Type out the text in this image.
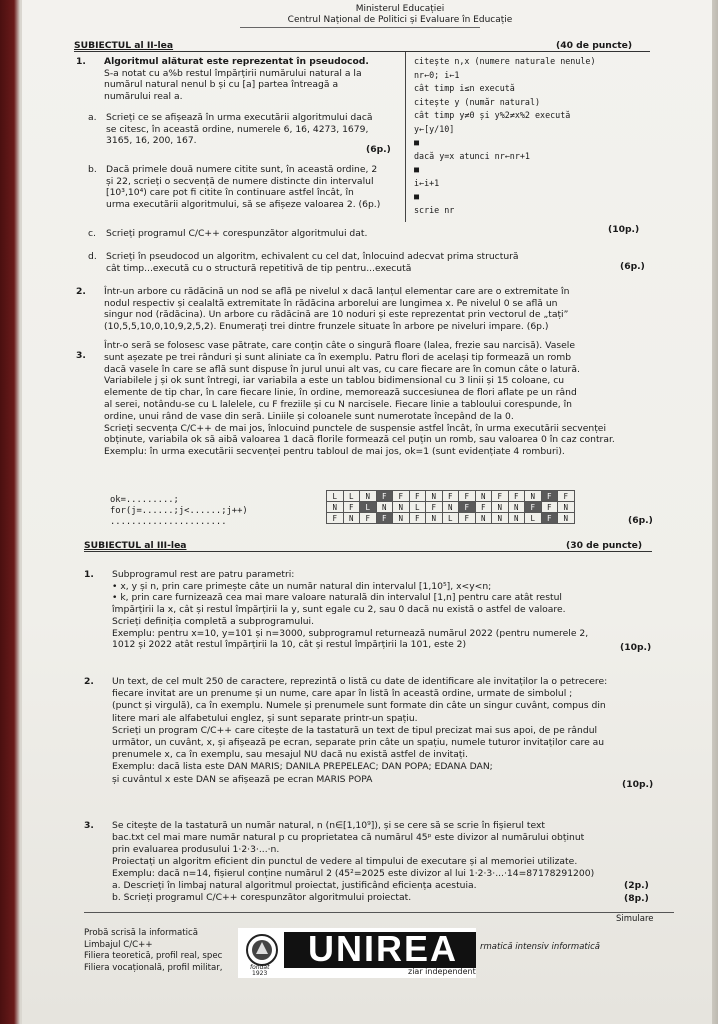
Ministerul Educației
Centrul Național de Politici și Evaluare în Educație
SUBIECTUL al II-lea	(40 de puncte)
1. Algoritmul alăturat este reprezentat în pseudocod.
S-a notat cu a%b restul împărțirii numărului natural a la
numărul natural nenul b și cu [a] partea întreagă a
numărului real a.
a. Scrieți ce se afișează în urma executării algoritmului dacă
se citesc, în această ordine, numerele 6, 16, 4273, 1679,
3165, 16, 200, 167.
(6p.)
b. Dacă primele două numere citite sunt, în această ordine, 2
și 22, scrieți o secvență de numere distincte din intervalul
[10³,10⁴) care pot fi citite în continuare astfel încât, în
urma executării algoritmului, să se afișeze valoarea 2. (6p.)
citește n,x (numere naturale nenule)
nr←0; i←1
cât timp i≤n execută
citește y (număr natural)
cât timp y≠0 și y%2≠x%2 execută
y←[y/10]
■
dacă y=x atunci nr←nr+1
■
i←i+1
■
scrie nr
c. Scrieți programul C/C++ corespunzător algoritmului dat.	(10p.)
d. Scrieți în pseudocod un algoritm, echivalent cu cel dat, înlocuind adecvat prima structură
cât timp...execută cu o structură repetitivă de tip pentru...execută	(6p.)
2. Într-un arbore cu rădăcină un nod se află pe nivelul x dacă lanțul elementar care are o extremitate în
nodul respectiv și cealaltă extremitate în rădăcina arborelui are lungimea x. Pe nivelul 0 se află un
singur nod (rădăcina). Un arbore cu rădăcină are 10 noduri și este reprezentat prin vectorul de „tați”
(10,5,5,10,0,10,9,2,5,2). Enumerați trei dintre frunzele situate în arbore pe niveluri impare. (6p.)
3.
Într-o seră se folosesc vase pătrate, care conțin câte o singură floare (lalea, frezie sau narcisă). Vasele
sunt așezate pe trei rânduri și sunt aliniate ca în exemplu. Patru flori de același tip formează un romb
dacă vasele în care se află sunt dispuse în jurul unui alt vas, cu care fiecare are în comun câte o latură.
Variabilele j și ok sunt întregi, iar variabila a este un tablou bidimensional cu 3 linii și 15 coloane, cu
elemente de tip char, în care fiecare linie, în ordine, memorează succesiunea de flori aflate pe un rând
al serei, notându-se cu L lalelele, cu F freziile și cu N narcisele. Fiecare linie a tabloului corespunde, în
ordine, unui rând de vase din seră. Liniile și coloanele sunt numerotate începând de la 0.
Scrieți secvența C/C++ de mai jos, înlocuind punctele de suspensie astfel încât, în urma executării secvenței
obținute, variabila ok să aibă valoarea 1 dacă florile formează cel puțin un romb, sau valoarea 0 în caz contrar.
Exemplu: în urma executării secvenței pentru tabloul de mai jos, ok=1 (sunt evidențiate 4 romburi).
ok=.........;
for(j=......;j<......;j++)
......................
L	L	N	F	F	F	N	F	F	N	F	F	N	F	F
N	F	L	N	N	L	F	N	F	F	N	N	F	F	N
F	N	F	F	N	F	N	L	F	N	N	N	L	F	N	(6p.)
SUBIECTUL al III-lea	(30 de puncte)
1. Subprogramul rest are patru parametri:
• x, y și n, prin care primește câte un număr natural din intervalul [1,10⁵], x<y<n;
• k, prin care furnizează cea mai mare valoare naturală din intervalul [1,n] pentru care atât restul
împărțirii la x, cât și restul împărțirii la y, sunt egale cu 2, sau 0 dacă nu există o astfel de valoare.
Scrieți definiția completă a subprogramului.
Exemplu: pentru x=10, y=101 și n=3000, subprogramul returnează numărul 2022 (pentru numerele 2,
1012 și 2022 atât restul împărțirii la 10, cât și restul împărțirii la 101, este 2)	(10p.)
2. Un text, de cel mult 250 de caractere, reprezintă o listă cu date de identificare ale invitaților la o petrecere:
fiecare invitat are un prenume și un nume, care apar în listă în această ordine, urmate de simbolul ;
(punct și virgulă), ca în exemplu. Numele și prenumele sunt formate din câte un singur cuvânt, compus din
litere mari ale alfabetului englez, și sunt separate printr-un spațiu.
Scrieți un program C/C++ care citește de la tastatură un text de tipul precizat mai sus apoi, de pe rândul
următor, un cuvânt, x, și afișează pe ecran, separate prin câte un spațiu, numele tuturor invitaților care au
prenumele x, ca în exemplu, sau mesajul NU dacă nu există astfel de invitați.
Exemplu: dacă lista este DAN MARIS; DANILA PREPELEAC; DAN POPA; EDANA DAN;
și cuvântul x este DAN se afișează pe ecran MARIS POPA	(10p.)
3. Se citește de la tastatură un număr natural, n (n∈[1,10⁹]), și se cere să se scrie în fișierul text
bac.txt cel mai mare număr natural p cu proprietatea că numărul 45ᵖ este divizor al numărului obținut
prin evaluarea produsului 1·2·3·...·n.
Proiectați un algoritm eficient din punctul de vedere al timpului de executare și al memoriei utilizate.
Exemplu: dacă n=14, fișierul conține numărul 2 (45²=2025 este divizor al lui 1·2·3·...·14=87178291200)
a. Descrieți în limbaj natural algoritmul proiectat, justificând eficiența acestuia.
b. Scrieți programul C/C++ corespunzător algoritmului proiectat.
(2p.)
(8p.)
Simulare
Probă scrisă la informatică
Limbajul C/C++
Filiera teoretică, profil real, spec
Filiera vocațională, profil militar,
rmatică intensiv informatică
UNIREA
ziar independent
fondat
1923
